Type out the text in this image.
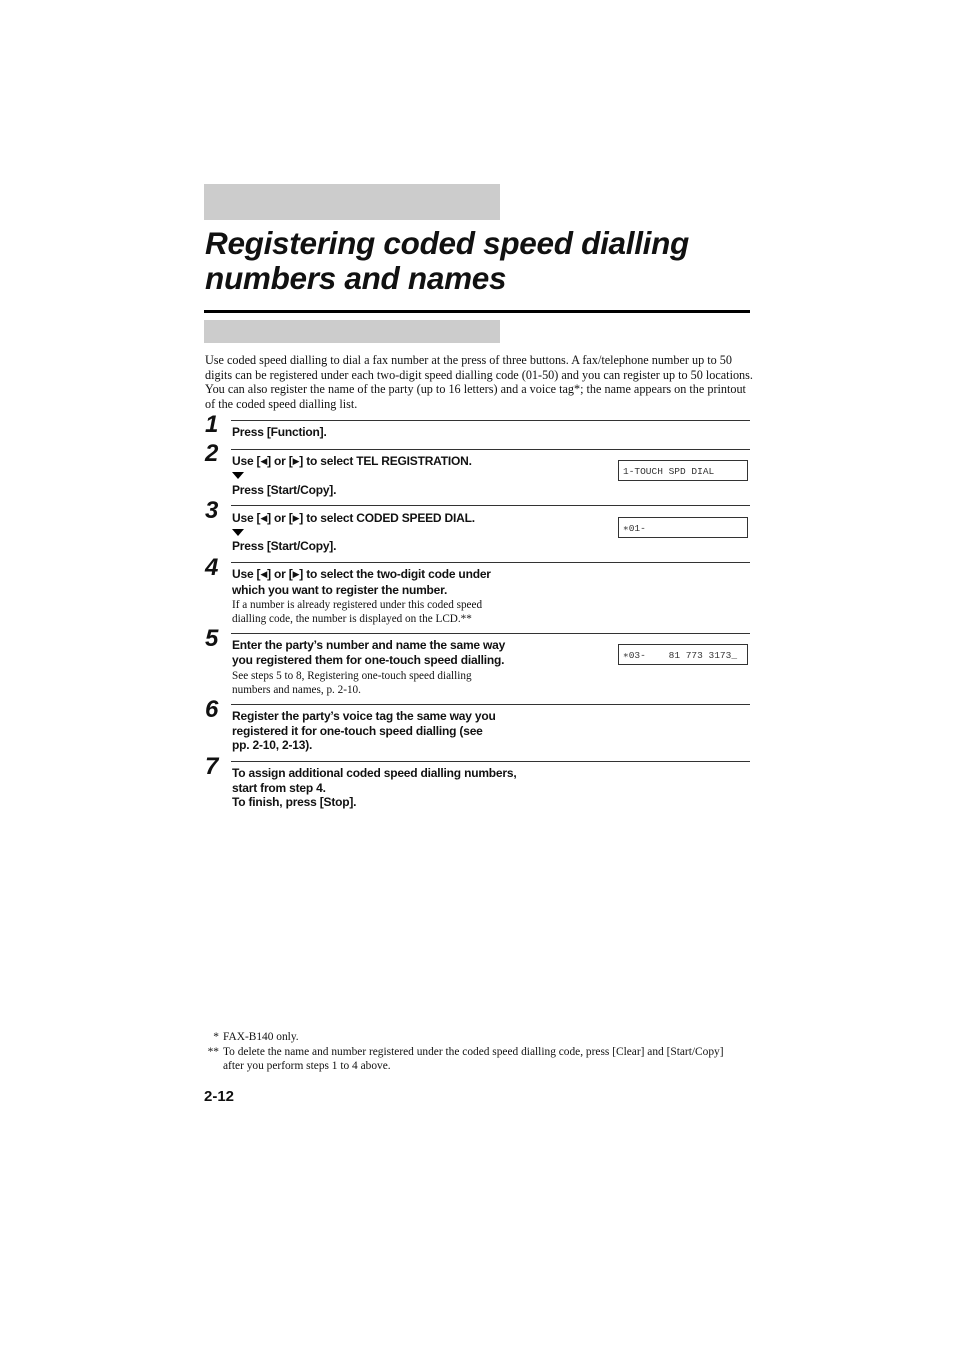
Registering coded speed dialling
numbers and names

Use coded speed dialling to dial a fax number at the press of three buttons. A fax/telephone number up to 50 digits can be registered under each two-digit speed dialling code (01-50) and you can register up to 50 locations. You can also register the name of the party (up to 16 letters) and a voice tag*; the name appears on the printout of the coded speed dialling list.

1 Press [Function].
2 Use [◀] or [▶] to select TEL REGISTRATION.
Press [Start/Copy].
1-TOUCH SPD DIAL
3 Use [◀] or [▶] to select CODED SPEED DIAL.
Press [Start/Copy].
∗01-
4 Use [◀] or [▶] to select the two-digit code under
which you want to register the number.
If a number is already registered under this coded speed
dialling code, the number is displayed on the LCD.**
5 Enter the party’s number and name the same way
you registered them for one-touch speed dialling.
See steps 5 to 8, Registering one-touch speed dialling
numbers and names, p. 2-10.
∗03-    81 773 3173_
6 Register the party’s voice tag the same way you
registered it for one-touch speed dialling (see
pp. 2-10, 2-13).
7 To assign additional coded speed dialling numbers,
start from step 4.
To finish, press [Stop].
* FAX-B140 only.
** To delete the name and number registered under the coded speed dialling code, press [Clear] and [Start/Copy] after you perform steps 1 to 4 above.
2-12
